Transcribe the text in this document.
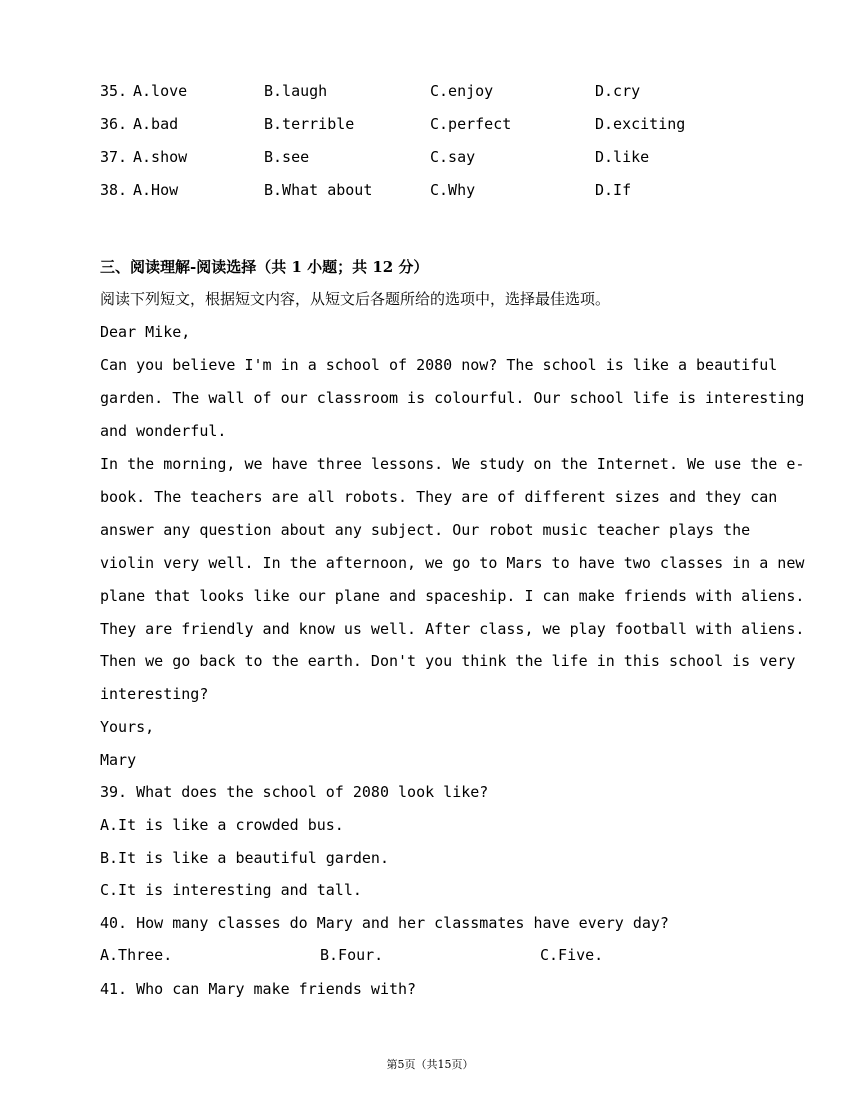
35. A.love	B.laugh	C.enjoy	D.cry
36. A.bad	B.terrible	C.perfect	D.exciting
37. A.show	B.see	C.say	D.like
38. A.How	B.What about	C.Why	D.If
三、阅读理解-阅读选择（共 1 小题；共 12 分）
阅读下列短文，根据短文内容，从短文后各题所给的选项中，选择最佳选项。
Dear Mike,
Can you believe I'm in a school of 2080 now? The school is like a beautiful
garden. The wall of our classroom is colourful. Our school life is interesting
and wonderful.
In the morning, we have three lessons. We study on the Internet. We use the e-
book. The teachers are all robots. They are of different sizes and they can
answer any question about any subject. Our robot music teacher plays the
violin very well. In the afternoon, we go to Mars to have two classes in a new
plane that looks like our plane and spaceship. I can make friends with aliens.
They are friendly and know us well. After class, we play football with aliens.
Then we go back to the earth. Don't you think the life in this school is very
interesting?
Yours,
Mary
39. What does the school of 2080 look like?
A.It is like a crowded bus.
B.It is like a beautiful garden.
C.It is interesting and tall.
40. How many classes do Mary and her classmates have every day?
A.Three.	B.Four.	C.Five.
41. Who can Mary make friends with?
第5页（共15页）
